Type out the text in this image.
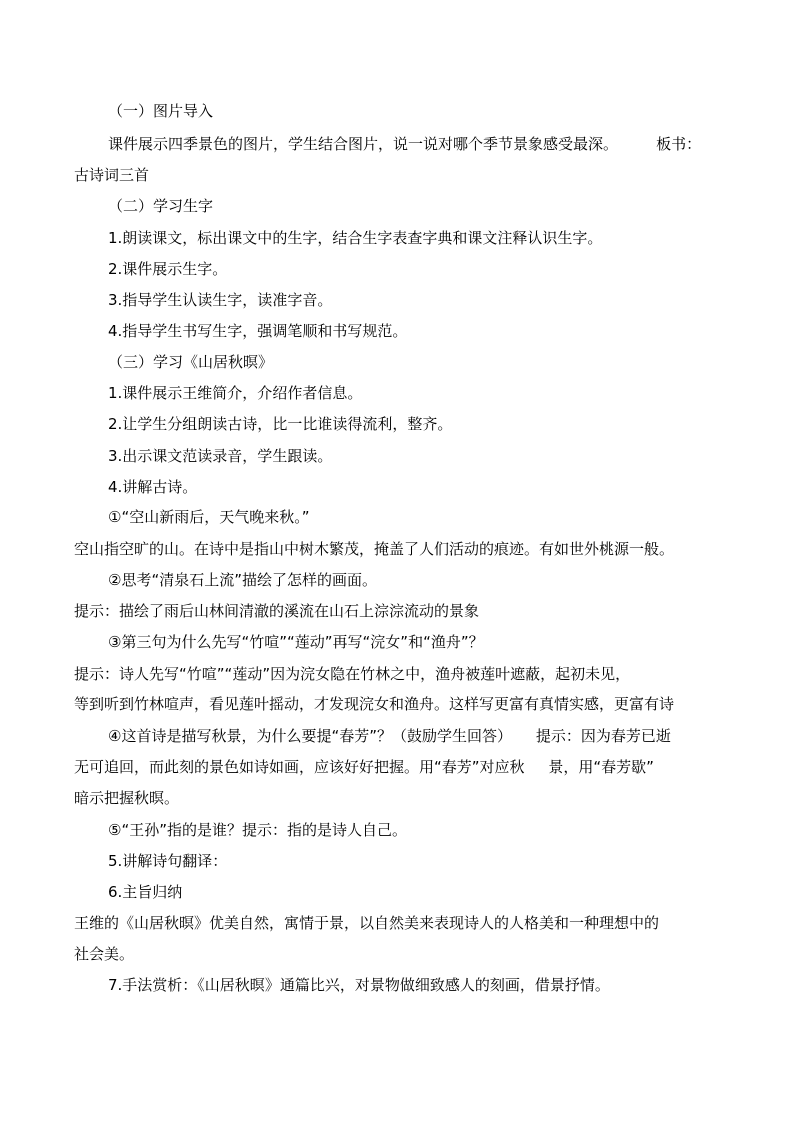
（一）图片导入
课件展示四季景色的图片，学生结合图片，说一说对哪个季节景象感受最深。        板书：
古诗词三首
（二）学习生字
1.朗读课文，标出课文中的生字，结合生字表查字典和课文注释认识生字。
2.课件展示生字。
3.指导学生认读生字，读准字音。
4.指导学生书写生字，强调笔顺和书写规范。
（三）学习《山居秋暝》
1.课件展示王维简介，介绍作者信息。
2.让学生分组朗读古诗，比一比谁读得流利，整齐。
3.出示课文范读录音，学生跟读。
4.讲解古诗。
①“空山新雨后，天气晚来秋。”
空山指空旷的山。在诗中是指山中树木繁茂，掩盖了人们活动的痕迹。有如世外桃源一般。
②思考“清泉石上流”描绘了怎样的画面。
提示：描绘了雨后山林间清澈的溪流在山石上淙淙流动的景象
③第三句为什么先写“竹喧”“莲动”再写“浣女”和“渔舟”？
提示：诗人先写“竹喧”“莲动”因为浣女隐在竹林之中，渔舟被莲叶遮蔽，起初未见，
等到听到竹林喧声，看见莲叶摇动，才发现浣女和渔舟。这样写更富有真情实感，更富有诗
④这首诗是描写秋景，为什么要提“春芳”？（鼓励学生回答）     提示：因为春芳已逝
无可追回，而此刻的景色如诗如画，应该好好把握。用“春芳”对应秋     景，用“春芳歇”
暗示把握秋暝。
⑤“王孙”指的是谁？提示：指的是诗人自己。
5.讲解诗句翻译：
6.主旨归纳
王维的《山居秋暝》优美自然，寓情于景，以自然美来表现诗人的人格美和一种理想中的
社会美。
7.手法赏析：《山居秋暝》通篇比兴，对景物做细致感人的刻画，借景抒情。
